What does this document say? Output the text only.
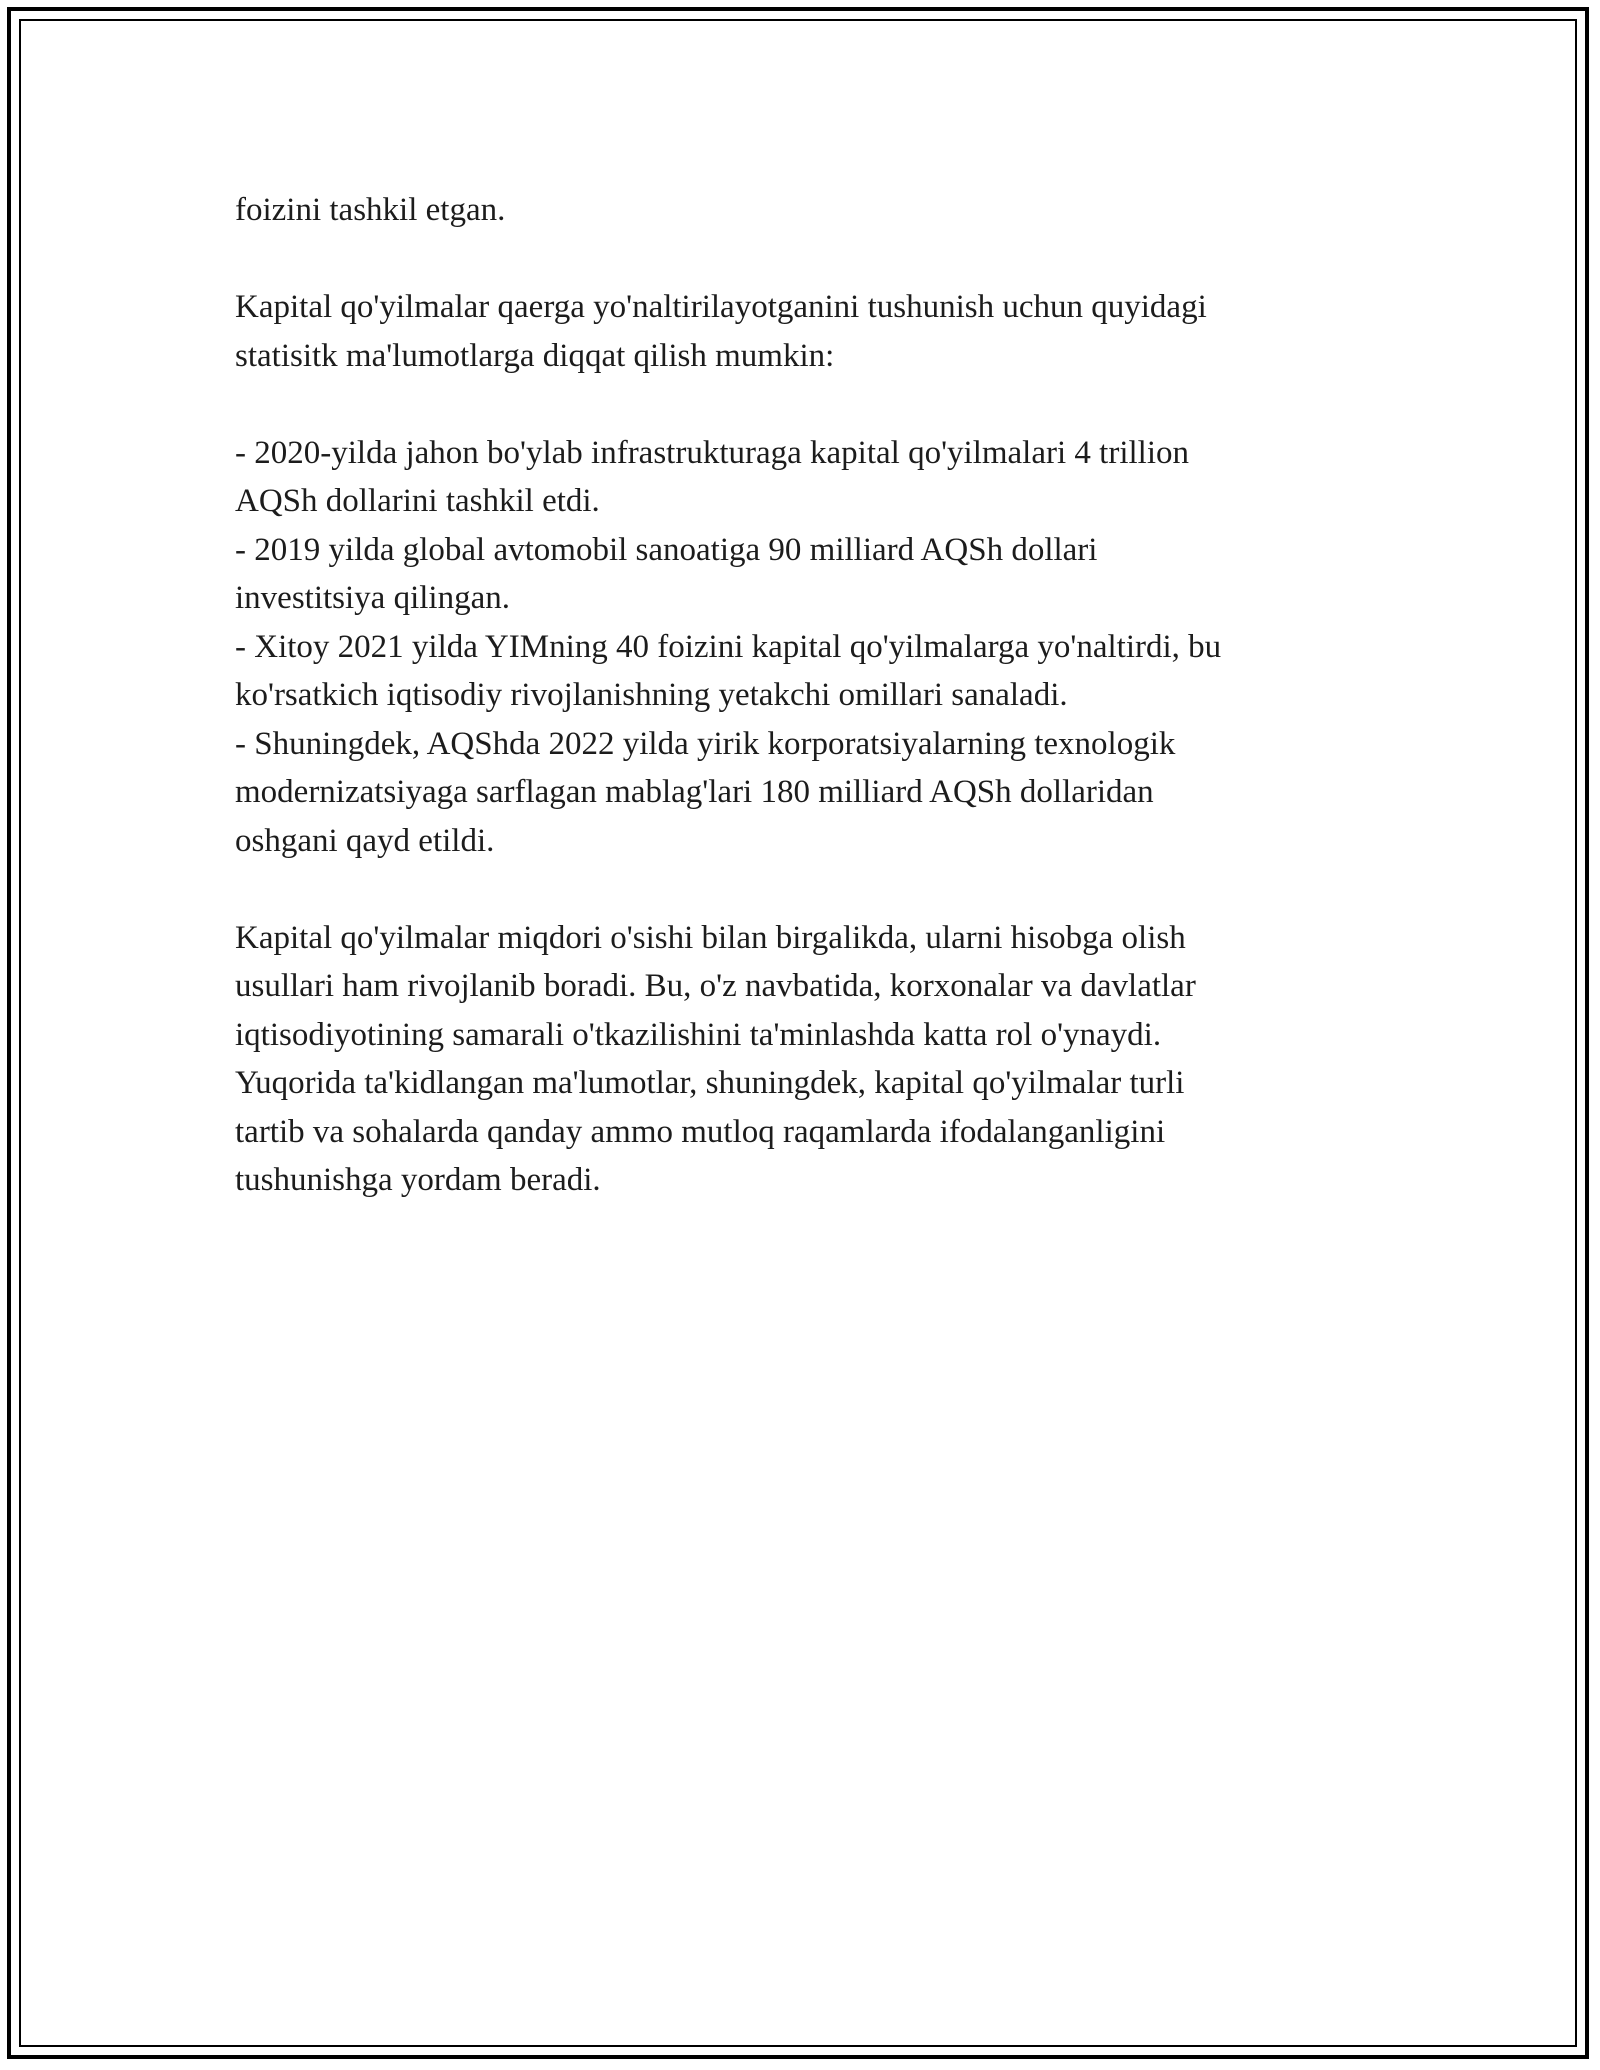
foizini tashkil etgan.

Kapital qo'yilmalar qaerga yo'naltirilayotganini tushunish uchun quyidagi

statisitk ma'lumotlarga diqqat qilish mumkin:

- 2020-yilda jahon bo'ylab infrastrukturaga kapital qo'yilmalari 4 trillion

AQSh dollarini tashkil etdi.

- 2019 yilda global avtomobil sanoatiga 90 milliard AQSh dollari

investitsiya qilingan.

- Xitoy 2021 yilda YIMning 40 foizini kapital qo'yilmalarga yo'naltirdi, bu

ko'rsatkich iqtisodiy rivojlanishning yetakchi omillari sanaladi.

- Shuningdek, AQShda 2022 yilda yirik korporatsiyalarning texnologik

modernizatsiyaga sarflagan mablag'lari 180 milliard AQSh dollaridan

oshgani qayd etildi.

Kapital qo'yilmalar miqdori o'sishi bilan birgalikda, ularni hisobga olish

usullari ham rivojlanib boradi. Bu, o'z navbatida, korxonalar va davlatlar

iqtisodiyotining samarali o'tkazilishini ta'minlashda katta rol o'ynaydi.

Yuqorida ta'kidlangan ma'lumotlar, shuningdek, kapital qo'yilmalar turli

tartib va sohalarda qanday ammo mutloq raqamlarda ifodalanganligini

tushunishga yordam beradi.
